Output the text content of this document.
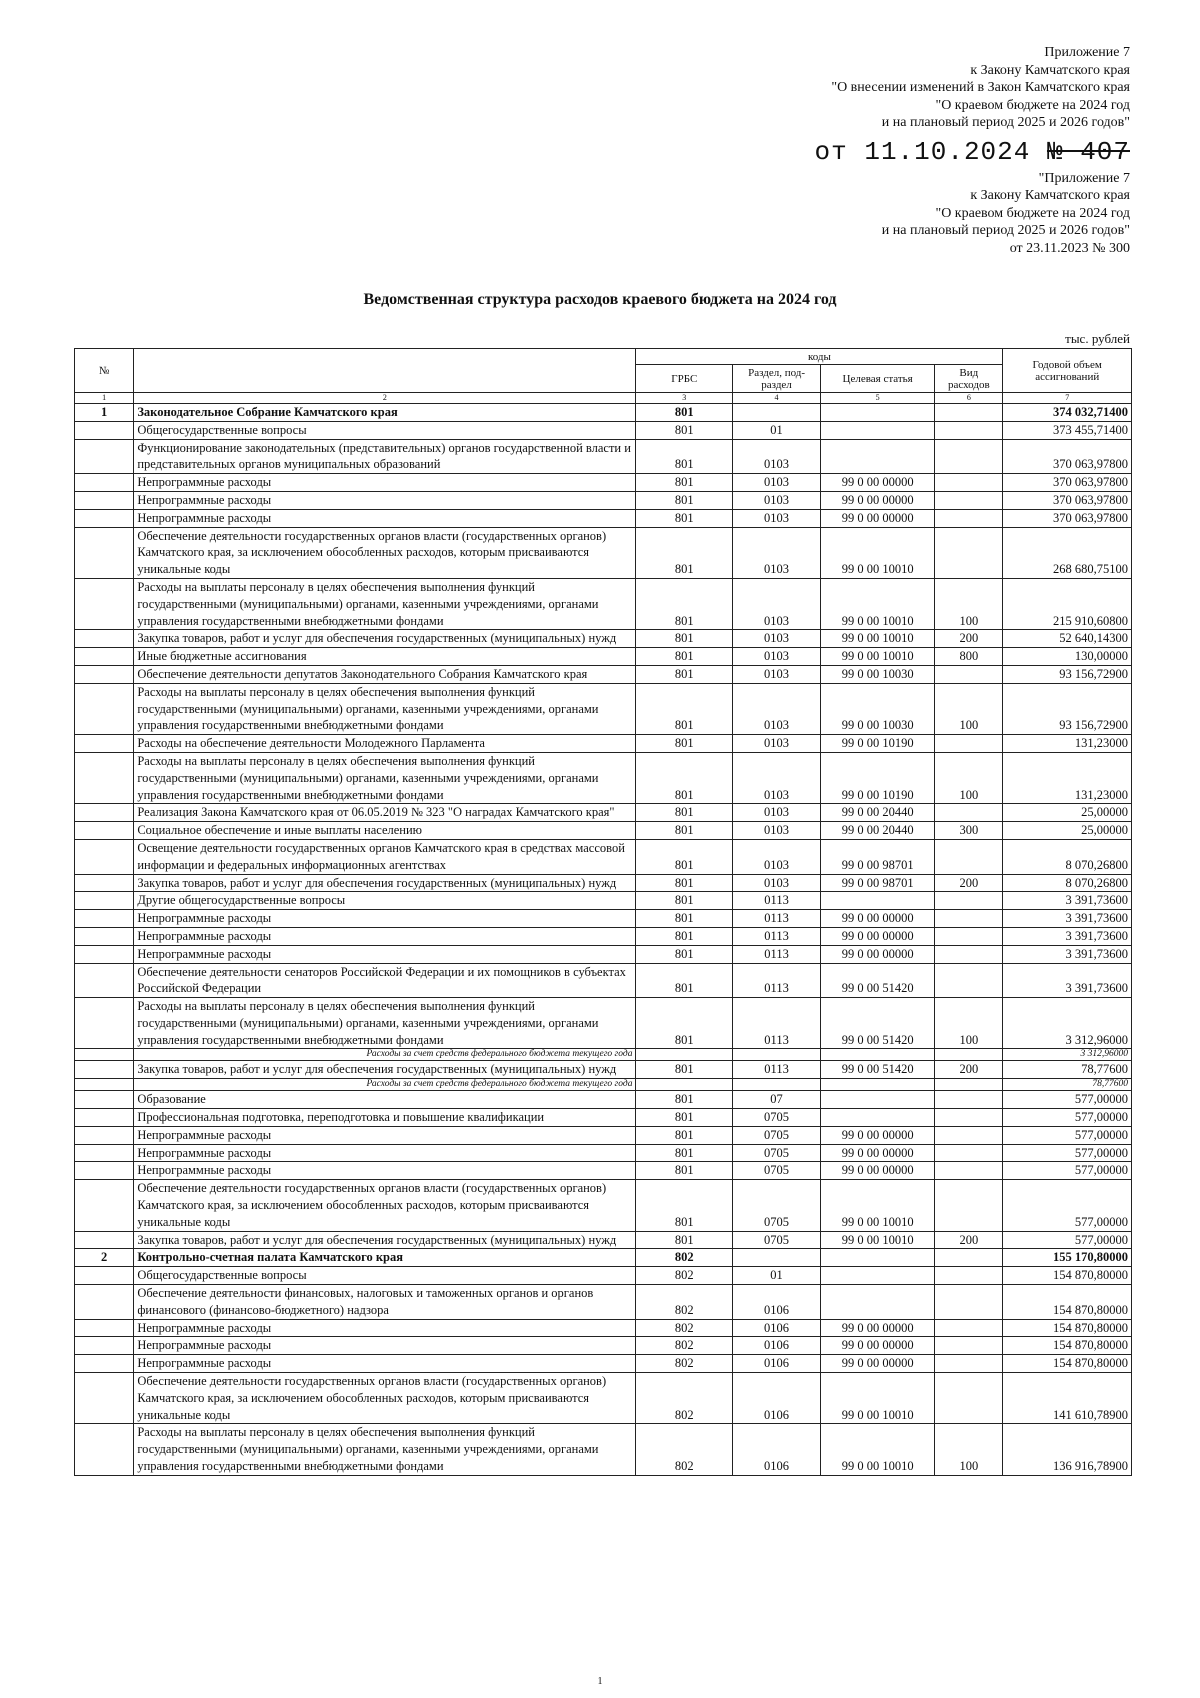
Приложение 7
к Закону Камчатского края
"О внесении изменений в Закон Камчатского края
"О краевом бюджете на 2024 год
и на плановый период 2025 и 2026 годов"
от 11.10.2024 № 407
"Приложение 7
к Закону Камчатского края
"О краевом бюджете на 2024 год
и на плановый период 2025 и 2026 годов"
от 23.11.2023 № 300
Ведомственная структура расходов краевого бюджета на 2024 год
тыс. рублей
№		коды				Годовой объем ассигнований
		ГРБС	Раздел, под-раздел	Целевая статья	Вид расходов	
1	2	3	4	5	6	7
1	Законодательное Собрание Камчатского края	801				374 032,71400
	Общегосударственные вопросы	801	01			373 455,71400
	Функционирование законодательных (представительных) органов государственной власти и представительных органов муниципальных образований	801	0103			370 063,97800
	Непрограммные расходы	801	0103	99 0 00 00000		370 063,97800
	Непрограммные расходы	801	0103	99 0 00 00000		370 063,97800
	Непрограммные расходы	801	0103	99 0 00 00000		370 063,97800
	Обеспечение деятельности государственных органов власти (государственных органов) Камчатского края, за исключением обособленных расходов, которым присваиваются уникальные коды	801	0103	99 0 00 10010		268 680,75100
	Расходы на выплаты персоналу в целях обеспечения выполнения функций государственными (муниципальными) органами, казенными учреждениями, органами управления государственными внебюджетными фондами	801	0103	99 0 00 10010	100	215 910,60800
	Закупка товаров, работ и услуг для обеспечения государственных (муниципальных) нужд	801	0103	99 0 00 10010	200	52 640,14300
	Иные бюджетные ассигнования	801	0103	99 0 00 10010	800	130,00000
	Обеспечение деятельности депутатов Законодательного Собрания Камчатского края	801	0103	99 0 00 10030		93 156,72900
	Расходы на выплаты персоналу в целях обеспечения выполнения функций государственными (муниципальными) органами, казенными учреждениями, органами управления государственными внебюджетными фондами	801	0103	99 0 00 10030	100	93 156,72900
	Расходы на обеспечение деятельности Молодежного Парламента	801	0103	99 0 00 10190		131,23000
	Расходы на выплаты персоналу в целях обеспечения выполнения функций государственными (муниципальными) органами, казенными учреждениями, органами управления государственными внебюджетными фондами	801	0103	99 0 00 10190	100	131,23000
	Реализация Закона Камчатского края от 06.05.2019 № 323 "О наградах Камчатского края"	801	0103	99 0 00 20440		25,00000
	Социальное обеспечение и иные выплаты населению	801	0103	99 0 00 20440	300	25,00000
	Освещение деятельности государственных органов Камчатского края в средствах массовой информации и федеральных информационных агентствах	801	0103	99 0 00 98701		8 070,26800
	Закупка товаров, работ и услуг для обеспечения государственных (муниципальных) нужд	801	0103	99 0 00 98701	200	8 070,26800
	Другие общегосударственные вопросы	801	0113			3 391,73600
	Непрограммные расходы	801	0113	99 0 00 00000		3 391,73600
	Непрограммные расходы	801	0113	99 0 00 00000		3 391,73600
	Непрограммные расходы	801	0113	99 0 00 00000		3 391,73600
	Обеспечение деятельности сенаторов Российской Федерации и их помощников в субъектах Российской Федерации	801	0113	99 0 00 51420		3 391,73600
	Расходы на выплаты персоналу в целях обеспечения выполнения функций государственными (муниципальными) органами, казенными учреждениями, органами управления государственными внебюджетными фондами	801	0113	99 0 00 51420	100	3 312,96000
	Расходы за счет средств федерального бюджета текущего года					3 312,96000
	Закупка товаров, работ и услуг для обеспечения государственных (муниципальных) нужд	801	0113	99 0 00 51420	200	78,77600
	Расходы за счет средств федерального бюджета текущего года					78,77600
	Образование	801	07			577,00000
	Профессиональная подготовка, переподготовка и повышение квалификации	801	0705			577,00000
	Непрограммные расходы	801	0705	99 0 00 00000		577,00000
	Непрограммные расходы	801	0705	99 0 00 00000		577,00000
	Непрограммные расходы	801	0705	99 0 00 00000		577,00000
	Обеспечение деятельности государственных органов власти (государственных органов) Камчатского края, за исключением обособленных расходов, которым присваиваются уникальные коды	801	0705	99 0 00 10010		577,00000
	Закупка товаров, работ и услуг для обеспечения государственных (муниципальных) нужд	801	0705	99 0 00 10010	200	577,00000
2	Контрольно-счетная палата Камчатского края	802				155 170,80000
	Общегосударственные вопросы	802	01			154 870,80000
	Обеспечение деятельности финансовых, налоговых и таможенных органов и органов финансового (финансово-бюджетного) надзора	802	0106			154 870,80000
	Непрограммные расходы	802	0106	99 0 00 00000		154 870,80000
	Непрограммные расходы	802	0106	99 0 00 00000		154 870,80000
	Непрограммные расходы	802	0106	99 0 00 00000		154 870,80000
	Обеспечение деятельности государственных органов власти (государственных органов) Камчатского края, за исключением обособленных расходов, которым присваиваются уникальные коды	802	0106	99 0 00 10010		141 610,78900
	Расходы на выплаты персоналу в целях обеспечения выполнения функций государственными (муниципальными) органами, казенными учреждениями, органами управления государственными внебюджетными фондами	802	0106	99 0 00 10010	100	136 916,78900
1
